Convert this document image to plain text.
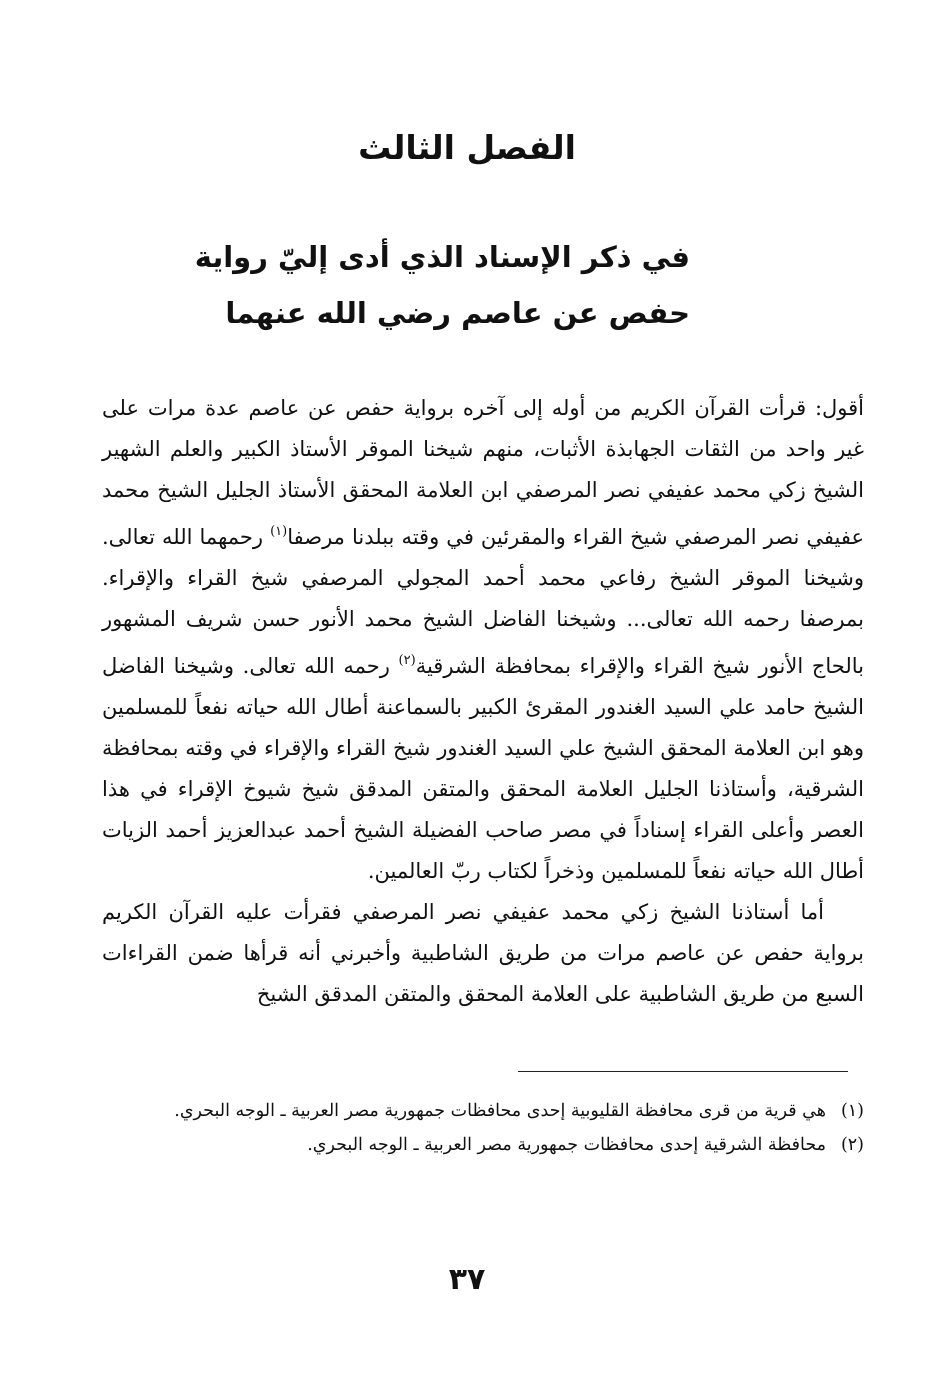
الفصل الثالث
في ذكر الإسناد الذي أدى إليّ رواية
حفص عن عاصم رضي الله عنهما

أقول: قرأت القرآن الكريم من أوله إلى آخره برواية حفص عن عاصم عدة مرات على غير واحد من الثقات الجهابذة الأثبات، منهم شيخنا الموقر الأستاذ الكبير والعلم الشهير الشيخ زكي محمد عفيفي نصر المرصفي ابن العلامة المحقق الأستاذ الجليل الشيخ محمد عفيفي نصر المرصفي شيخ القراء والمقرئين في وقته ببلدنا مرصفا$^{(١)}$ رحمهما الله تعالى. وشيخنا الموقر الشيخ رفاعي محمد أحمد المجولي المرصفي شيخ القراء والإقراء. بمرصفا رحمه الله تعالى... وشيخنا الفاضل الشيخ محمد الأنور حسن شريف المشهور بالحاج الأنور شيخ القراء والإقراء بمحافظة الشرقية$^{(٢)}$ رحمه الله تعالى. وشيخنا الفاضل الشيخ حامد علي السيد الغندور المقرئ الكبير بالسماعنة أطال الله حياته نفعاً للمسلمين وهو ابن العلامة المحقق الشيخ علي السيد الغندور شيخ القراء والإقراء في وقته بمحافظة الشرقية، وأستاذنا الجليل العلامة المحقق والمتقن المدقق شيخ شيوخ الإقراء في هذا العصر وأعلى القراء إسناداً في مصر صاحب الفضيلة الشيخ أحمد عبدالعزيز أحمد الزيات أطال الله حياته نفعاً للمسلمين وذخراً لكتاب ربّ العالمين.

أما أستاذنا الشيخ زكي محمد عفيفي نصر المرصفي فقرأت عليه القرآن الكريم برواية حفص عن عاصم مرات من طريق الشاطبية وأخبرني أنه قرأها ضمن القراءات السبع من طريق الشاطبية على العلامة المحقق والمتقن المدقق الشيخ

(١)
هي قرية من قرى محافظة القليوبية إحدى محافظات جمهورية مصر العربية ـ الوجه البحري.
(٢)
محافظة الشرقية إحدى محافظات جمهورية مصر العربية ـ الوجه البحري.
٣٧
